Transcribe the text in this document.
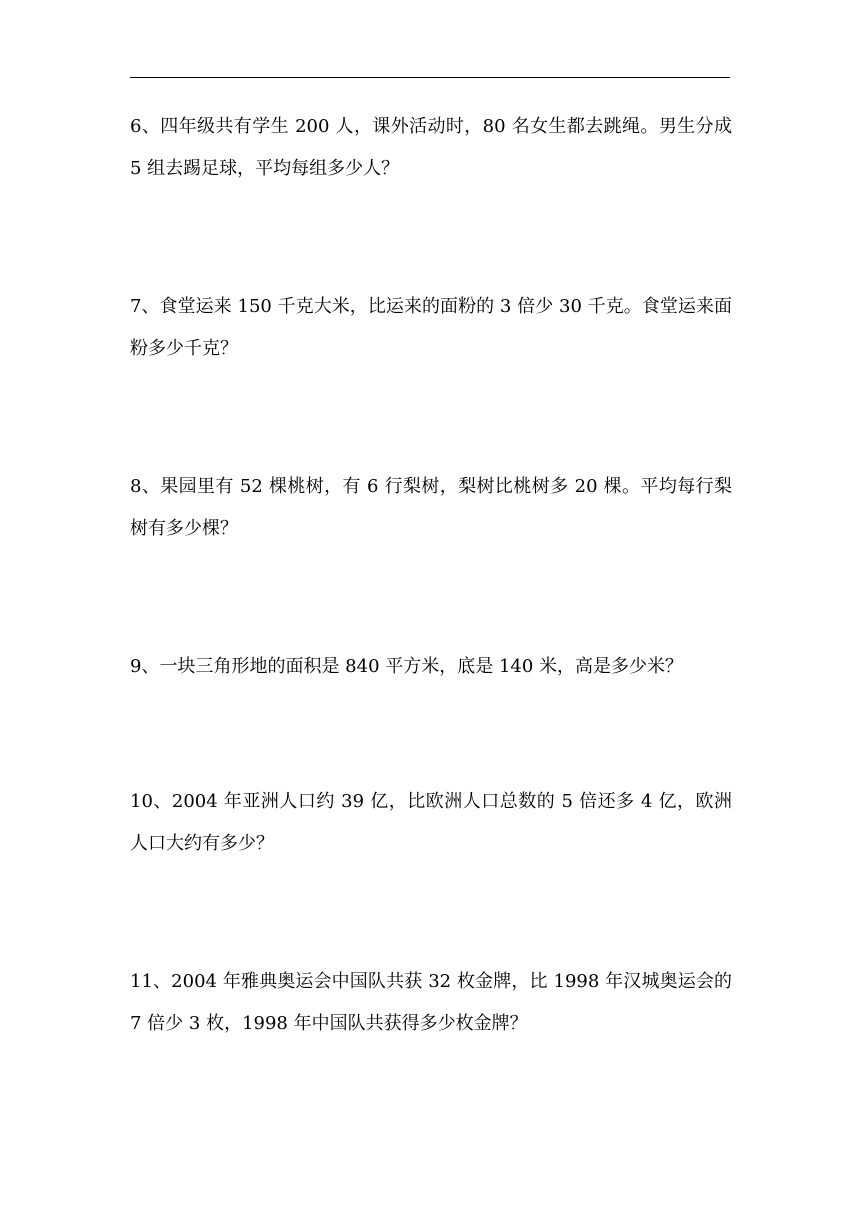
6、四年级共有学生 200 人，课外活动时，80 名女生都去跳绳。男生分成 5 组去踢足球，平均每组多少人？

7、食堂运来 150 千克大米，比运来的面粉的 3 倍少 30 千克。食堂运来面粉多少千克？

8、果园里有 52 棵桃树，有 6 行梨树，梨树比桃树多 20 棵。平均每行梨树有多少棵？

9、一块三角形地的面积是 840 平方米，底是 140 米，高是多少米？

10、2004 年亚洲人口约 39 亿，比欧洲人口总数的 5 倍还多 4 亿，欧洲人口大约有多少？

11、2004 年雅典奥运会中国队共获 32 枚金牌，比 1998 年汉城奥运会的 7 倍少 3 枚，1998 年中国队共获得多少枚金牌？
